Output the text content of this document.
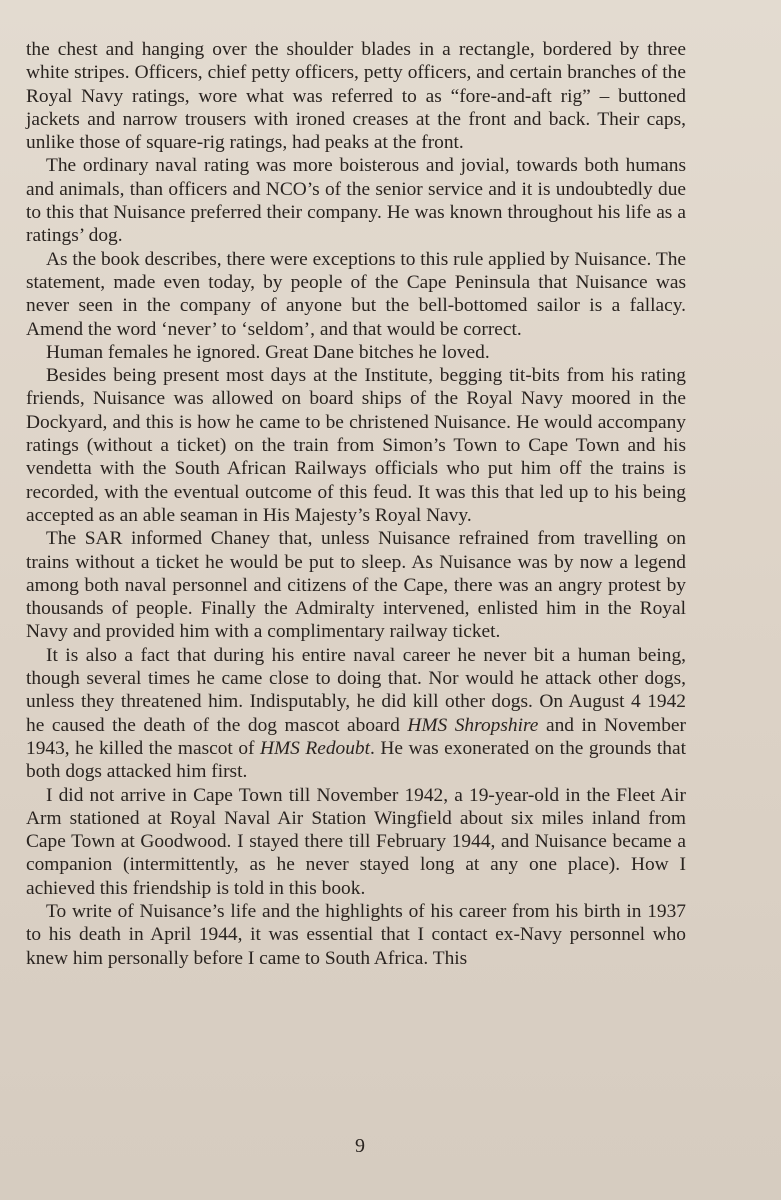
the chest and hanging over the shoulder blades in a rectangle, bordered by three white stripes. Officers, chief petty officers, petty officers, and certain branches of the Royal Navy ratings, wore what was referred to as “fore-and-aft rig” – buttoned jackets and narrow trousers with ironed creases at the front and back. Their caps, unlike those of square-rig ratings, had peaks at the front.

The ordinary naval rating was more boisterous and jovial, towards both humans and animals, than officers and NCO’s of the senior service and it is undoubtedly due to this that Nuisance preferred their company. He was known throughout his life as a ratings’ dog.

As the book describes, there were exceptions to this rule applied by Nuisance. The statement, made even today, by people of the Cape Peninsula that Nuisance was never seen in the company of anyone but the bell-bottomed sailor is a fallacy. Amend the word ‘never’ to ‘seldom’, and that would be correct.

Human females he ignored. Great Dane bitches he loved.

Besides being present most days at the Institute, begging tit-bits from his rating friends, Nuisance was allowed on board ships of the Royal Navy moored in the Dockyard, and this is how he came to be christened Nuisance. He would accompany ratings (without a ticket) on the train from Simon’s Town to Cape Town and his vendetta with the South African Railways officials who put him off the trains is recorded, with the eventual outcome of this feud. It was this that led up to his being accepted as an able seaman in His Majesty’s Royal Navy.

The SAR informed Chaney that, unless Nuisance refrained from travelling on trains without a ticket he would be put to sleep. As Nuisance was by now a legend among both naval personnel and citizens of the Cape, there was an angry protest by thousands of people. Finally the Admiralty intervened, enlisted him in the Royal Navy and provided him with a complimentary railway ticket.

It is also a fact that during his entire naval career he never bit a human being, though several times he came close to doing that. Nor would he attack other dogs, unless they threatened him. Indisputably, he did kill other dogs. On August 4 1942 he caused the death of the dog mascot aboard HMS Shropshire and in November 1943, he killed the mascot of HMS Redoubt. He was exonerated on the grounds that both dogs attacked him first.

I did not arrive in Cape Town till November 1942, a 19-year-old in the Fleet Air Arm stationed at Royal Naval Air Station Wingfield about six miles inland from Cape Town at Goodwood. I stayed there till February 1944, and Nuisance became a companion (intermittently, as he never stayed long at any one place). How I achieved this friendship is told in this book.

To write of Nuisance’s life and the highlights of his career from his birth in 1937 to his death in April 1944, it was essential that I contact ex-Navy personnel who knew him personally before I came to South Africa. This

9
